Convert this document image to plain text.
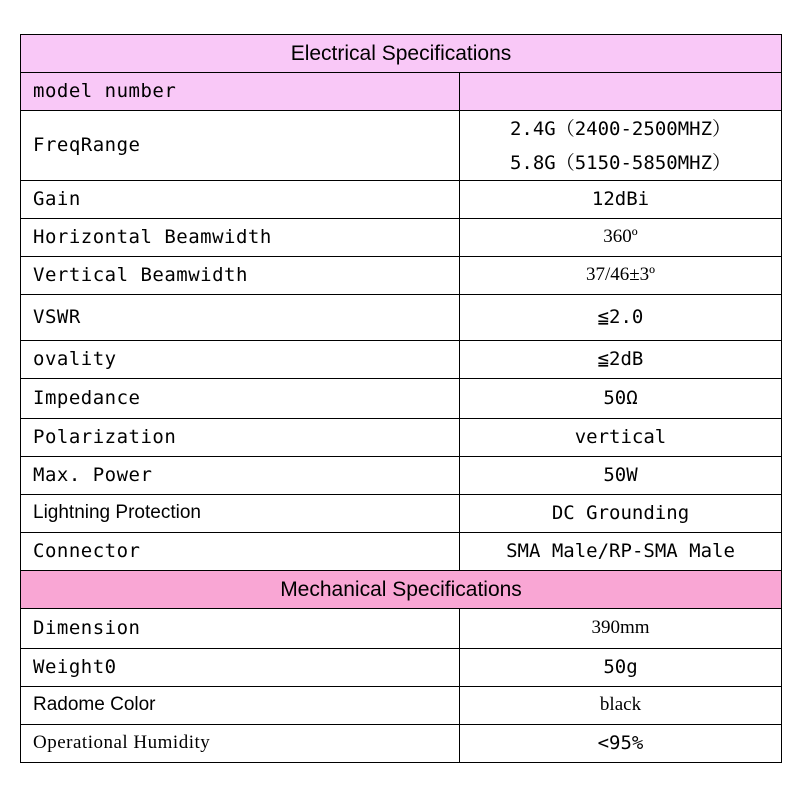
Electrical Specifications	
model number	
FreqRange	2.4G（2400-2500MHZ）
5.8G（5150-5850MHZ）

Gain	12dBi
Horizontal Beamwidth	360º
Vertical Beamwidth	37/46±3º
VSWR	≦2.0
ovality	≦2dB
Impedance	50Ω
Polarization	vertical
Max. Power	50W
Lightning Protection	DC Grounding
Connector	SMA Male/RP-SMA Male
Mechanical Specifications	
Dimension	390mm
Weight0	50g
Radome Color	black
Operational Humidity	<95%
